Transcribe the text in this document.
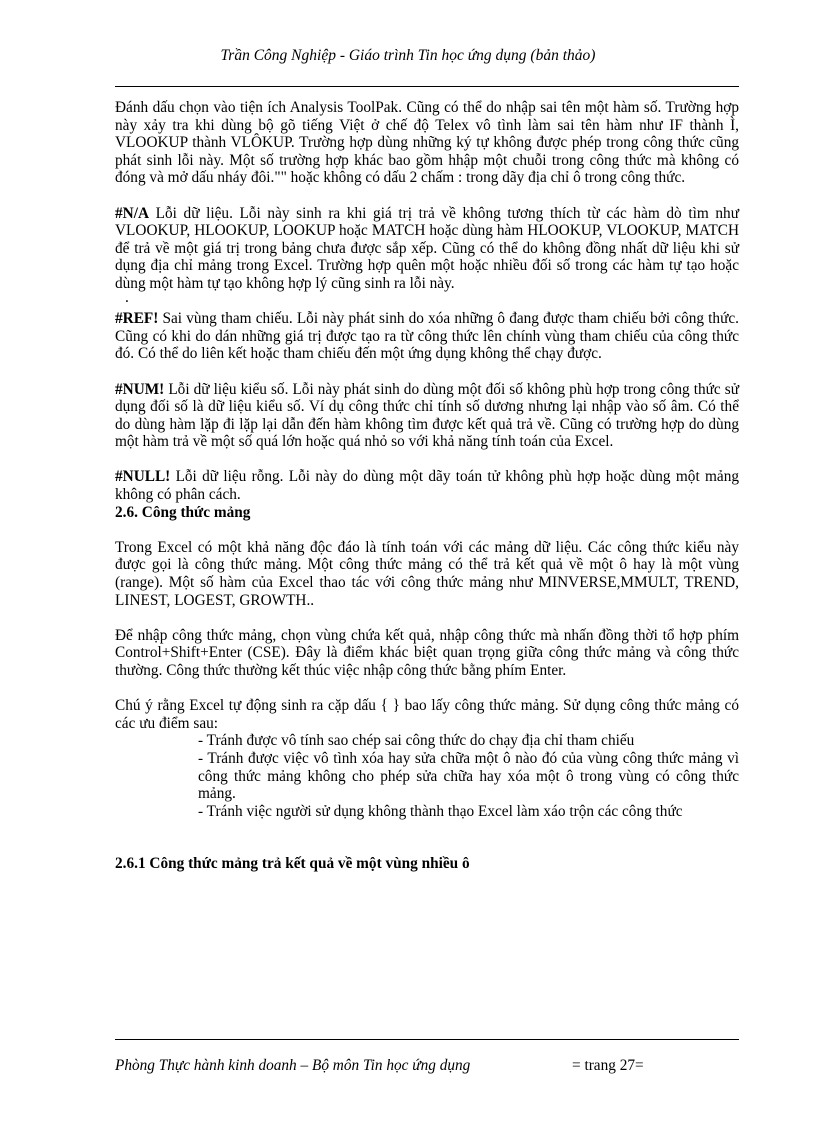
Trần Công Nghiệp - Giáo trình Tin học ứng dụng (bản thảo)

Đánh dấu chọn vào tiện ích Analysis ToolPak. Cũng có thể do nhập sai tên một hàm số. Trường hợp này xảy tra khi dùng bộ gõ tiếng Việt ở chế độ Telex vô tình làm sai tên hàm như IF thành Ì, VLOOKUP thành VLÔKUP. Trường hợp dùng những ký tự không được phép trong công thức cũng phát sinh lỗi này. Một số trường hợp khác bao gồm hhập một chuỗi trong công thức mà không có đóng và mở dấu nháy đôi."" hoặc không có dấu 2 chấm : trong dãy địa chỉ ô trong công thức.

#N/A Lỗi dữ liệu. Lỗi này sinh ra khi giá trị trả về không tương thích từ các hàm dò tìm như VLOOKUP, HLOOKUP, LOOKUP hoặc MATCH hoặc dùng hàm HLOOKUP, VLOOKUP, MATCH để trả về một giá trị trong bảng chưa được sắp xếp. Cũng có thể do không đồng nhất dữ liệu khi sử dụng địa chỉ mảng trong Excel. Trường hợp quên một hoặc nhiều đối số trong các hàm tự tạo hoặc dùng một hàm tự tạo không hợp lý cũng sinh ra lỗi này.

.

#REF! Sai vùng tham chiếu. Lỗi này phát sinh do xóa những ô đang được tham chiếu bởi công thức. Cũng có khi do dán những giá trị được tạo ra từ công thức lên chính vùng tham chiếu của công thức đó. Có thể do liên kết hoặc tham chiếu đến một ứng dụng không thể chạy được.

#NUM! Lỗi dữ liệu kiểu số. Lỗi này phát sinh do dùng một đối số không phù hợp trong công thức sử dụng đối số là dữ liệu kiểu số. Ví dụ công thức chỉ tính số dương nhưng lại nhập vào số âm. Có thể do dùng hàm lặp đi lặp lại dẫn đến hàm không tìm được kết quả trả về. Cũng có trường hợp do dùng một hàm trả về một số quá lớn hoặc quá nhỏ so với khả năng tính toán của Excel.

#NULL! Lỗi dữ liệu rỗng. Lỗi này do dùng một dãy toán tử không phù hợp hoặc dùng một mảng không có phân cách.

2.6. Công thức mảng

Trong Excel có một khả năng độc đáo là tính toán với các mảng dữ liệu. Các công thức kiểu này được gọi là công thức mảng. Một công thức mảng có thể trả kết quả về một ô hay là một vùng (range). Một số hàm của Excel thao tác với công thức mảng như MINVERSE,MMULT, TREND, LINEST, LOGEST, GROWTH..

Để nhập công thức mảng, chọn vùng chứa kết quả, nhập công thức mà nhấn đồng thời tổ hợp phím Control+Shift+Enter (CSE). Đây là điểm khác biệt quan trọng giữa công thức mảng và công thức thường. Công thức thường kết thúc việc nhập công thức bằng phím Enter.

Chú ý rằng Excel tự động sinh ra cặp dấu { } bao lấy công thức mảng. Sử dụng công thức mảng có các ưu điểm sau:

- Tránh được vô tính sao chép sai công thức do chạy địa chỉ tham chiếu
- Tránh được việc vô tình xóa hay sửa chữa một ô nào đó của vùng công thức mảng vì công thức mảng không cho phép sửa chữa hay xóa một ô trong vùng có công thức mảng.
- Tránh việc người sử dụng không thành thạo Excel làm xáo trộn các công thức

2.6.1 Công thức mảng trả kết quả về một vùng nhiều ô

Phòng Thực hành kinh doanh – Bộ môn Tin học ứng dụng	= trang 27=
